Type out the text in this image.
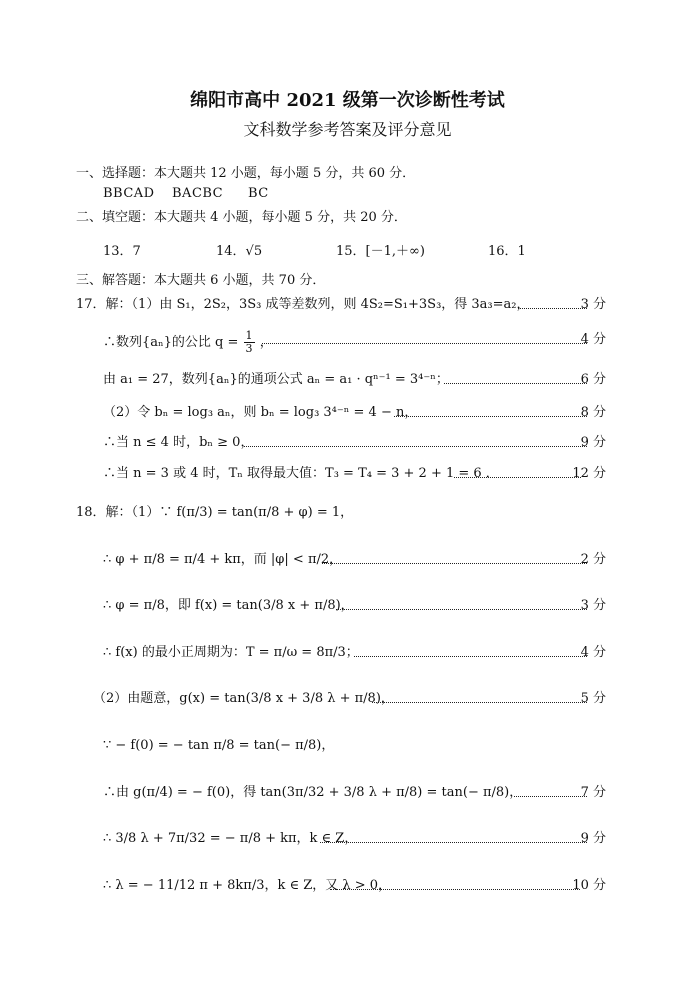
绵阳市高中 2021 级第一次诊断性考试
文科数学参考答案及评分意见
一、选择题：本大题共 12 小题，每小题 5 分，共 60 分．
BBCAD BACBC BC
二、填空题：本大题共 4 小题，每小题 5 分，共 20 分．
13．7	14．√5	15．[－1,＋∞)	16．1
三、解答题：本大题共 6 小题，共 70 分．
17．解：（1）由 S₁，2S₂，3S₃ 成等差数列，则 4S₂=S₁+3S₃，得 3a₃=a₂，	3 分
∴数列{aₙ}的公比 $q = \frac{1}{3}$ ，	4 分
由 a₁ = 27，数列{aₙ}的通项公式 aₙ = a₁ · qⁿ⁻¹ = 3⁴⁻ⁿ；	6 分
（2）令 bₙ = log₃ aₙ，则 bₙ = log₃ 3⁴⁻ⁿ = 4 − n，	8 分
∴当 n ≤ 4 时，bₙ ≥ 0，	9 分
∴当 n = 3 或 4 时，Tₙ 取得最大值：T₃ = T₄ = 3 + 2 + 1 = 6 ．	12 分
18．解：（1）∵ f(π/3) = tan(π/8 + φ) = 1，
∴ φ + π/8 = π/4 + kπ，而 |φ| < π/2，	2 分
∴ φ = π/8，即 f(x) = tan(3/8 x + π/8)，	3 分
∴ f(x) 的最小正周期为：T = π/ω = 8π/3；	4 分
（2）由题意，g(x) = tan(3/8 x + 3/8 λ + π/8)，	5 分
∵ − f(0) = − tan π/8 = tan(− π/8)，
∴由 g(π/4) = − f(0)，得 tan(3π/32 + 3/8 λ + π/8) = tan(− π/8)，	7 分
∴ 3/8 λ + 7π/32 = − π/8 + kπ，k ∈ Z，	9 分
∴ λ = − 11/12 π + 8kπ/3，k ∈ Z，又 λ > 0，	10 分
